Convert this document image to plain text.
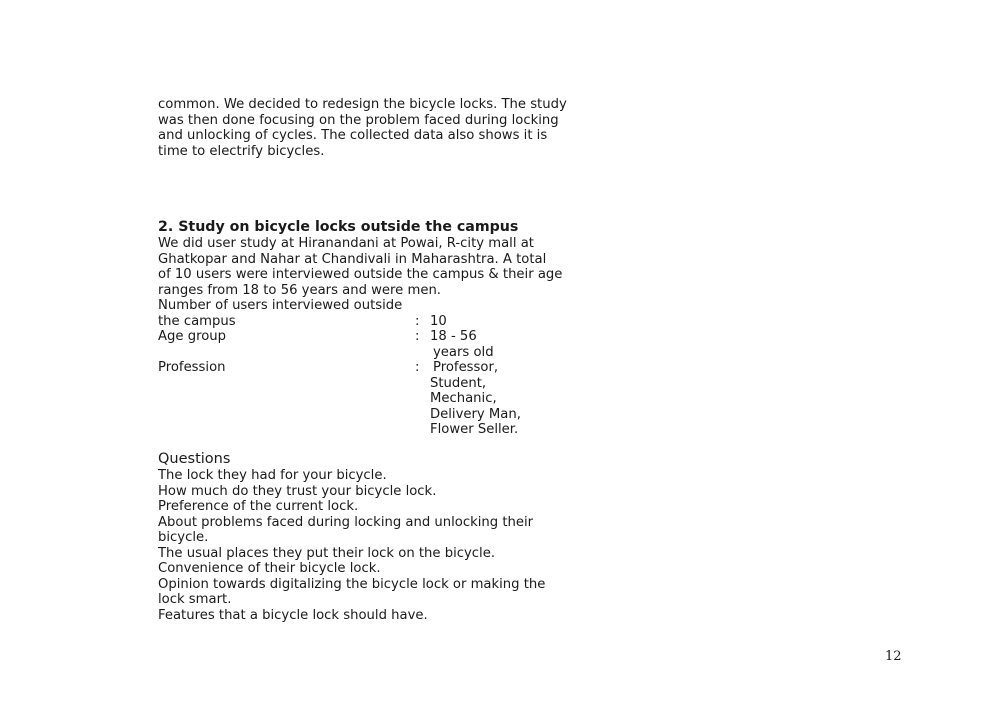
common. We decided to redesign the bicycle locks. The study
was then done focusing on the problem faced during locking
and unlocking of cycles. The collected data also shows it is
time to electrify bicycles.
2. Study on bicycle locks outside the campus
We did user study at Hiranandani at Powai, R-city mall at
Ghatkopar and Nahar at Chandivali in Maharashtra. A total
of 10 users were interviewed outside the campus & their age
ranges from 18 to 56 years and were men.
Number of users interviewed outside
the campus	: 10
Age group	: 18 - 56
years old
Profession	: Professor,
Student,
Mechanic,
Delivery Man,
Flower Seller.
Questions
The lock they had for your bicycle.
How much do they trust your bicycle lock.
Preference of the current lock.
About problems faced during locking and unlocking their
bicycle.
The usual places they put their lock on the bicycle.
Convenience of their bicycle lock.
Opinion towards digitalizing the bicycle lock or making the
lock smart.
Features that a bicycle lock should have.
12
